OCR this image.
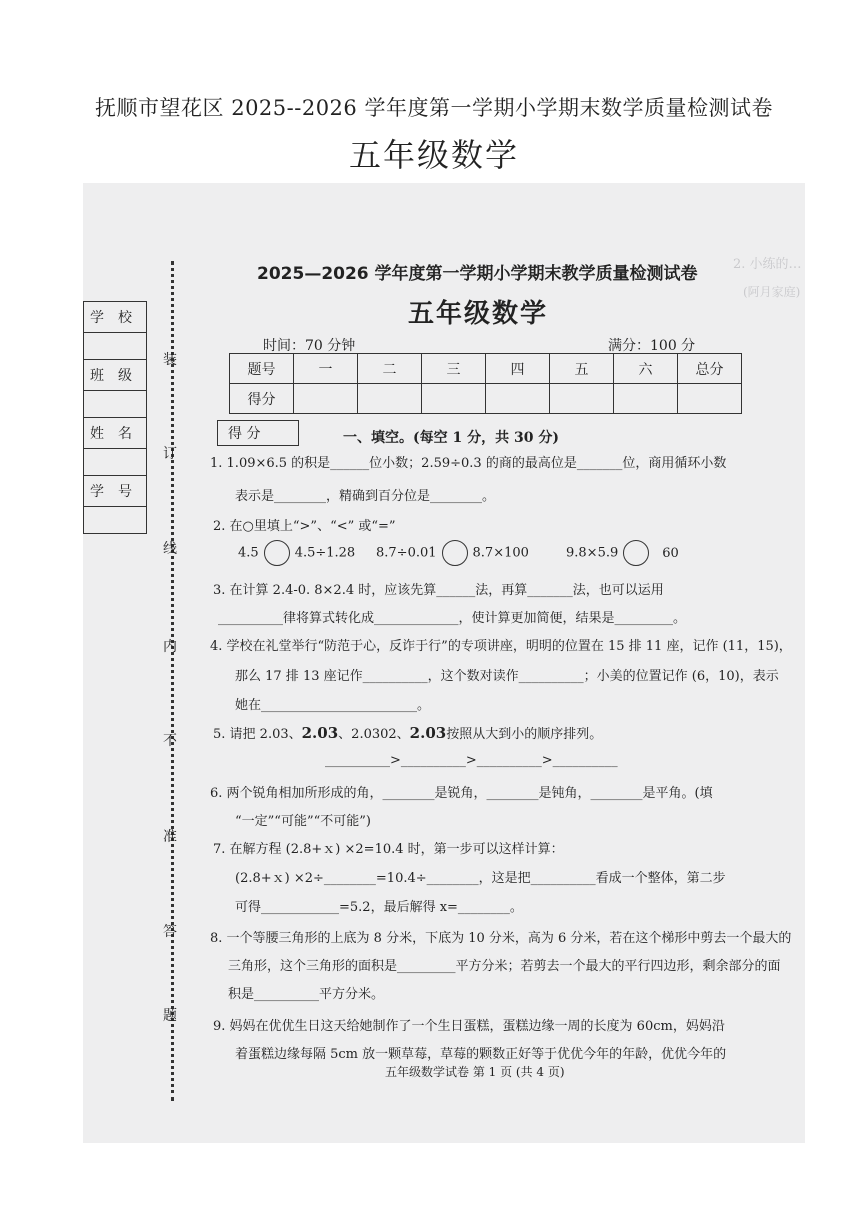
抚顺市望花区 2025--2026 学年度第一学期小学期末数学质量检测试卷
五年级数学
2. 小练的…
(阿月家庭)
学　校

班　级

姓　名

学　号

装
订
线
内
不
准
答
题
2025—2026 学年度第一学期小学期末教学质量检测试卷
五年级数学
时间：70 分钟	满分：100 分
题号	一	二	三	四	五	六	总分
得分							
得 分	一、填空。(每空 1 分，共 30 分)
1. 1.09×6.5 的积是______位小数；2.59÷0.3 的商的最高位是_______位，商用循环小数
表示是________，精确到百分位是________。
2. 在○里填上“>”、“<” 或“=”
4.5	4.5÷1.28 8.7÷0.01	8.7×100	9.8×5.9	60
3. 在计算 2.4-0. 8×2.4 时，应该先算______法，再算_______法，也可以运用
__________律将算式转化成_____________，使计算更加简便，结果是_________。
4. 学校在礼堂举行“防范于心，反诈于行”的专项讲座，明明的位置在 15 排 11 座，记作 (11，15)，
那么 17 排 13 座记作__________，这个数对读作__________；小美的位置记作 (6，10)，表示
她在________________________。
5. 请把 2.03、2.03、2.0302、2.03按照从大到小的顺序排列。
__________>__________>__________>__________
6. 两个锐角相加所形成的角，________是锐角，________是钝角，________是平角。(填
“一定”“可能”“不可能”)
7. 在解方程 (2.8+ｘ) ×2=10.4 时，第一步可以这样计算：
(2.8+ｘ) ×2÷________=10.4÷________，这是把__________看成一个整体，第二步
可得____________=5.2，最后解得 x=________。
8. 一个等腰三角形的上底为 8 分米，下底为 10 分米，高为 6 分米，若在这个梯形中剪去一个最大的
三角形，这个三角形的面积是_________平方分米；若剪去一个最大的平行四边形，剩余部分的面
积是__________平方分米。
9. 妈妈在优优生日这天给她制作了一个生日蛋糕，蛋糕边缘一周的长度为 60cm，妈妈沿
着蛋糕边缘每隔 5cm 放一颗草莓，草莓的颗数正好等于优优今年的年龄，优优今年的
五年级数学试卷 第 1 页 (共 4 页)
